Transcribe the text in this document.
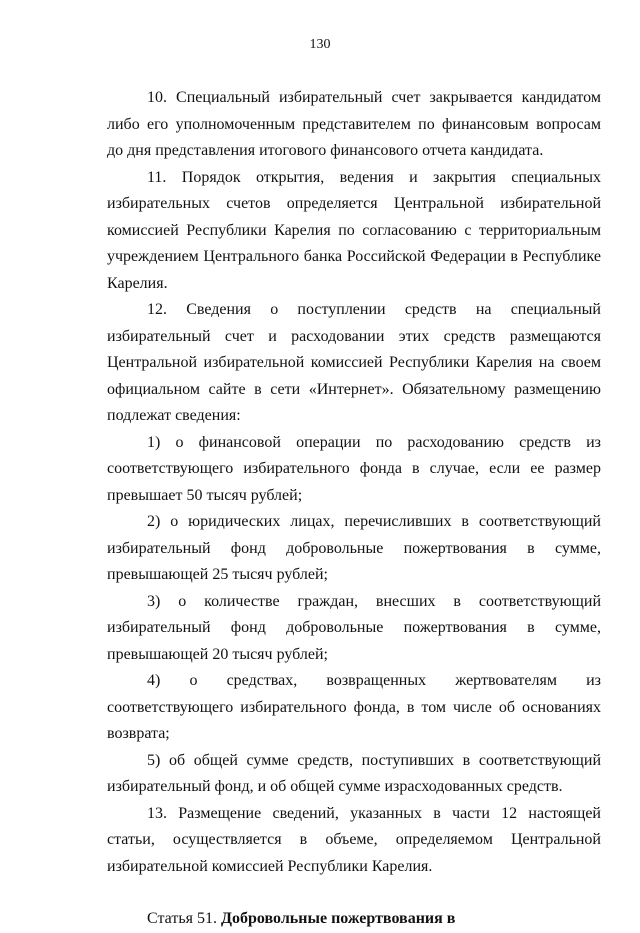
130

10. Специальный избирательный счет закрывается кандидатом либо его уполномоченным представителем по финансовым вопросам до дня представления итогового финансового отчета кандидата.

11. Порядок открытия, ведения и закрытия специальных избирательных счетов определяется Центральной избирательной комиссией Республики Карелия по согласованию с территориальным учреждением Центрального банка Российской Федерации в Республике Карелия.

12. Сведения о поступлении средств на специальный избирательный счет и расходовании этих средств размещаются Центральной избирательной комиссией Республики Карелия на своем официальном сайте в сети «Интернет». Обязательному размещению подлежат сведения:

1) о финансовой операции по расходованию средств из соответствующего избирательного фонда в случае, если ее размер превышает 50 тысяч рублей;

2) о юридических лицах, перечисливших в соответствующий избирательный фонд добровольные пожертвования в сумме, превышающей 25 тысяч рублей;

3) о количестве граждан, внесших в соответствующий избирательный фонд добровольные пожертвования в сумме, превышающей 20 тысяч рублей;

4) о средствах, возвращенных жертвователям из соответствующего избирательного фонда, в том числе об основаниях возврата;

5) об общей сумме средств, поступивших в соответствующий избирательный фонд, и об общей сумме израсходованных средств.

13. Размещение сведений, указанных в части 12 настоящей статьи, осуществляется в объеме, определяемом Центральной избирательной комиссией Республики Карелия.

Статья 51. Добровольные пожертвования в
